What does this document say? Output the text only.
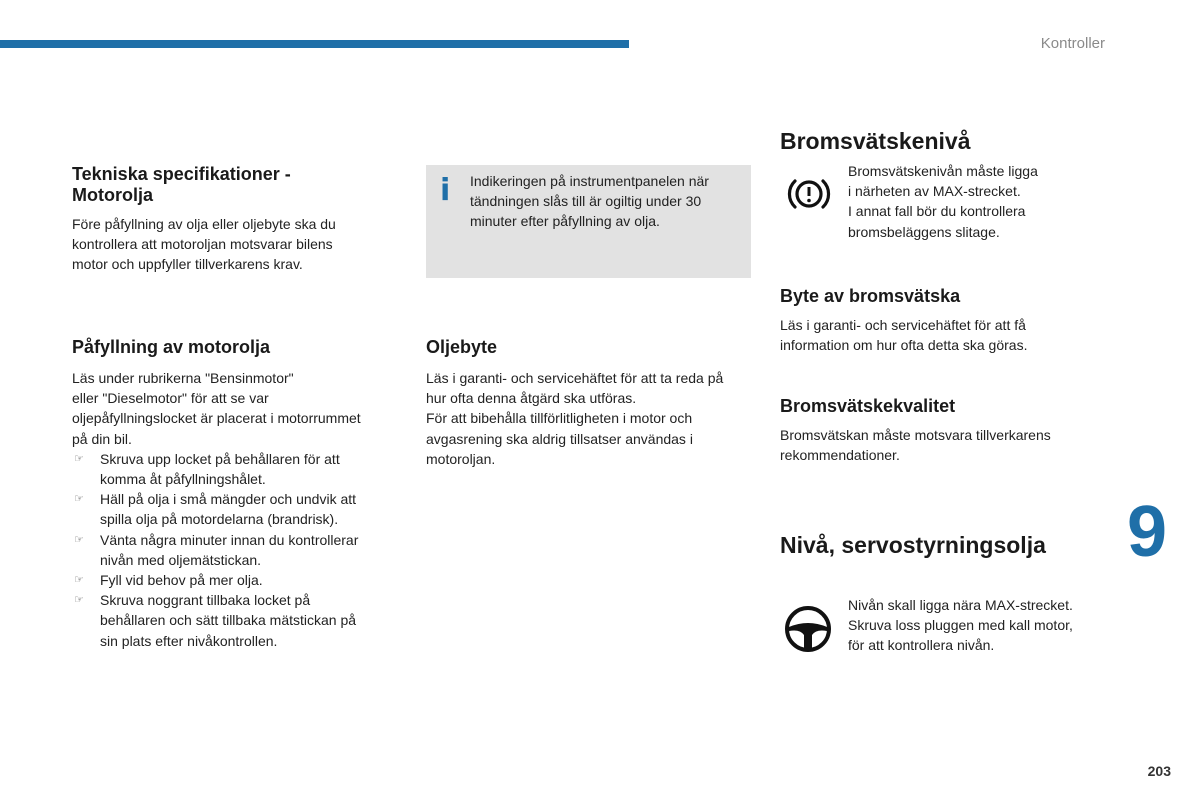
Kontroller
Tekniska specifikationer - Motorolja

Före påfyllning av olja eller oljebyte ska du kontrollera att motoroljan motsvarar bilens motor och uppfyller tillverkarens krav.

Påfyllning av motorolja

Läs under rubrikerna "Bensinmotor"

eller "Dieselmotor" för att se var

oljepåfyllningslocket är placerat i motorrummet

på din bil.

☞ Skruva upp locket på behållaren för att komma åt påfyllningshålet.
☞ Häll på olja i små mängder och undvik att spilla olja på motordelarna (brandrisk).
☞ Vänta några minuter innan du kontrollerar nivån med oljemätstickan.
☞ Fyll vid behov på mer olja.
☞ Skruva noggrant tillbaka locket på behållaren och sätt tillbaka mätstickan på sin plats efter nivåkontrollen.
i Indikeringen på instrumentpanelen när tändningen slås till är ogiltig under 30 minuter efter påfyllning av olja.
Oljebyte

Läs i garanti- och servicehäftet för att ta reda på hur ofta denna åtgärd ska utföras.

För att bibehålla tillförlitligheten i motor och avgasrening ska aldrig tillsatser användas i motoroljan.

Bromsvätskenivå

Bromsvätskenivån måste ligga

i närheten av MAX-strecket.

I annat fall bör du kontrollera

bromsbeläggens slitage.

Byte av bromsvätska

Läs i garanti- och servicehäftet för att få information om hur ofta detta ska göras.

Bromsvätskekvalitet

Bromsvätskan måste motsvara tillverkarens rekommendationer.

Nivå, servostyrningsolja

Nivån skall ligga nära MAX-strecket.

Skruva loss pluggen med kall motor,

för att kontrollera nivån.

9
203
